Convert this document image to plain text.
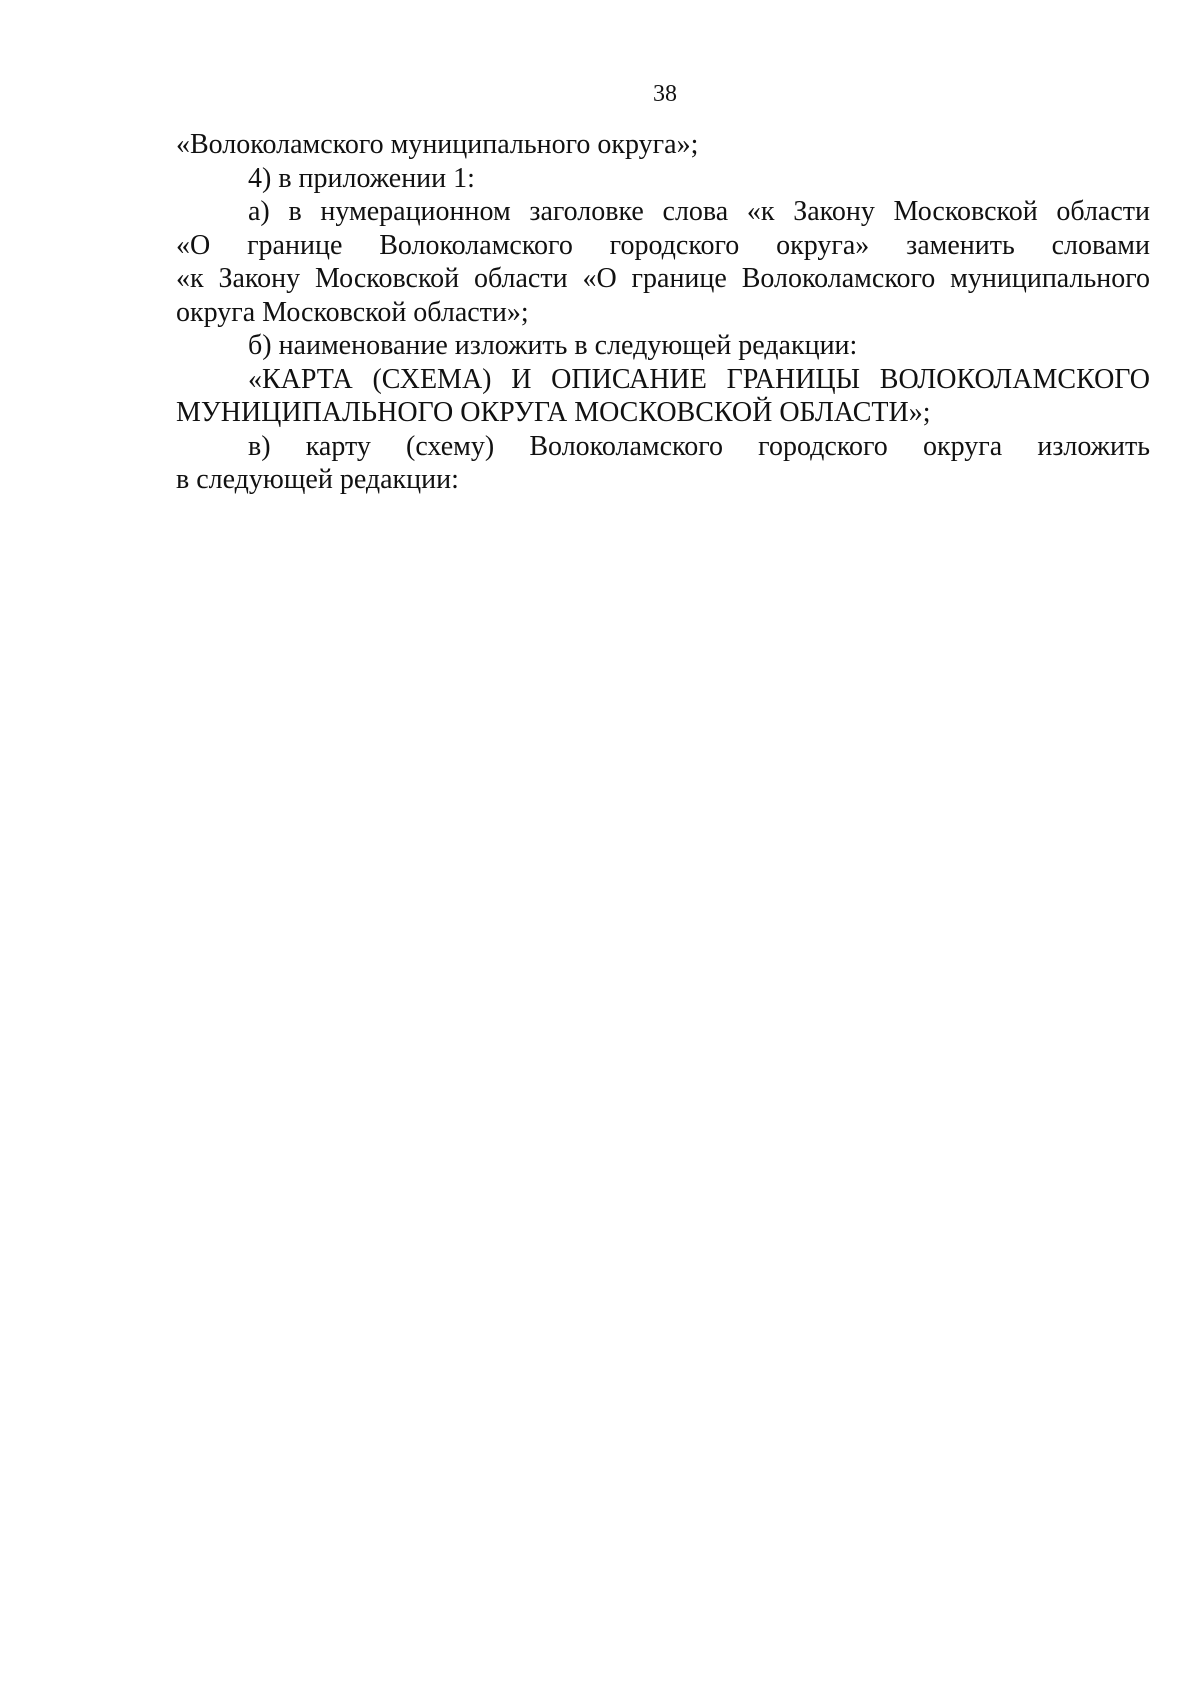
38
«Волоколамского муниципального округа»;
4) в приложении 1:
а) в нумерационном заголовке слова «к Закону Московской области
«О границе Волоколамского городского округа» заменить словами
«к Закону Московской области «О границе Волоколамского муниципального
округа Московской области»;
б) наименование изложить в следующей редакции:
«КАРТА (СХЕМА) И ОПИСАНИЕ ГРАНИЦЫ ВОЛОКОЛАМСКОГО
МУНИЦИПАЛЬНОГО ОКРУГА МОСКОВСКОЙ ОБЛАСТИ»;
в) карту (схему) Волоколамского городского округа изложить
в следующей редакции:
